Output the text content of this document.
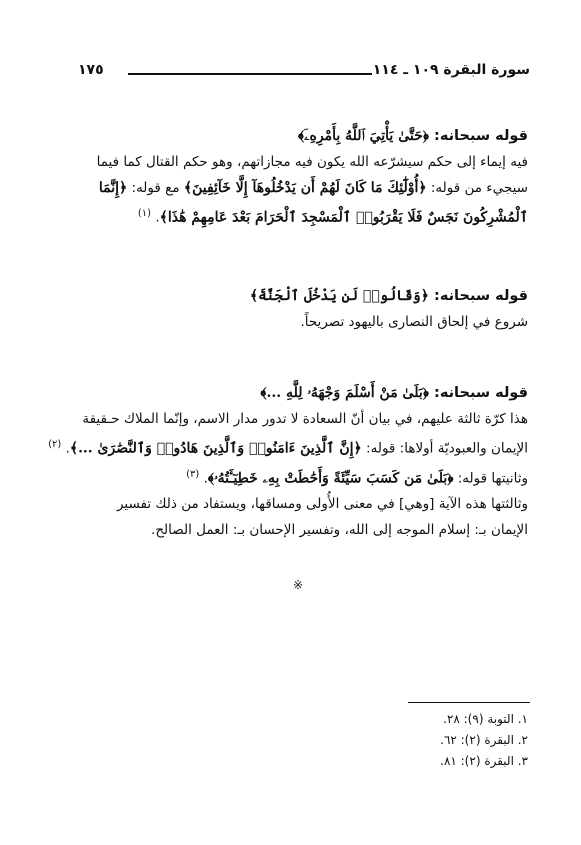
سورة البقرة ١٠٩ ـ ١١٤
١٧٥
قوله سبحانه: ﴿حَتَّىٰ يَأْتِيَ ٱللَّهُ بِأَمْرِهِۦٓ﴾
فيه إيماء إلى حكم سيشرّعه الله يكون فيه مجازاتهم، وهو حكم القتال كما فيما
سيجيء من قوله: ﴿أُوْلَٰٓئِكَ مَا كَانَ لَهُمْ أَن يَدْخُلُوهَآ إِلَّا خَآئِفِينَ﴾ مع قوله: ﴿إِنَّمَا
ٱلْمُشْرِكُونَ نَجَسٌ فَلَا يَقْرَبُوا۟ ٱلْمَسْجِدَ ٱلْحَرَامَ بَعْدَ عَامِهِمْ هَٰذَا﴾. $^{(١)}$
قوله سبحانه: ﴿وَقَالُوا۟ لَن يَدْخُلَ ٱلْجَنَّةَ﴾
شروع في إلحاق النصارى باليهود تصريحاً.
قوله سبحانه: ﴿بَلَىٰ مَنْ أَسْلَمَ وَجْهَهُۥ لِلَّهِ ...﴾
هذا كرّة ثالثة عليهم، في بيان أنّ السعادة لا تدور مدار الاسم، وإنّما الملاك حـقيقة
الإيمان والعبوديّة أولاها: قوله: ﴿إِنَّ ٱلَّذِينَ ءَامَنُوا۟ وَٱلَّذِينَ هَادُوا۟ وَٱلنَّصَٰرَىٰ ...﴾. $^{(٢)}$
وثانيتها قوله: ﴿بَلَىٰ مَن كَسَبَ سَيِّئَةً وَأَحَٰطَتْ بِهِۦ خَطِيٓـَٔتُهُۥ﴾. $^{(٣)}$
وثالثتها هذه الآية [وهي] في معنى الأُولى ومساقها، ويستفاد من ذلك تفسير
الإيمان بـ: إسلام الموجه إلى الله، وتفسير الإحسان بـ: العمل الصالح.
※
١. التوبة (٩): ٢٨.
٢. البقرة (٢): ٦٢.
٣. البقرة (٢): ٨١.
